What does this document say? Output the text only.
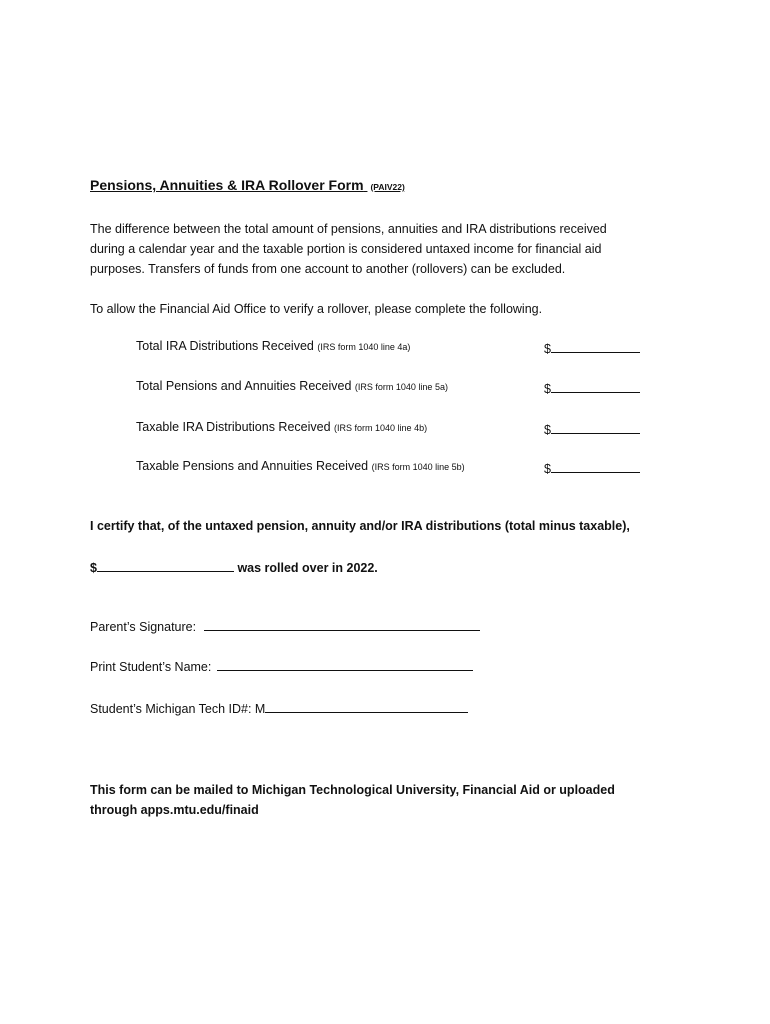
Pensions, Annuities & IRA Rollover Form (PAIV22)
The difference between the total amount of pensions, annuities and IRA distributions received
during a calendar year and the taxable portion is considered untaxed income for financial aid
purposes. Transfers of funds from one account to another (rollovers) can be excluded.
To allow the Financial Aid Office to verify a rollover, please complete the following.
Total IRA Distributions Received (IRS form 1040 line 4a)	$
Total Pensions and Annuities Received (IRS form 1040 line 5a)	$
Taxable IRA Distributions Received (IRS form 1040 line 4b)	$
Taxable Pensions and Annuities Received (IRS form 1040 line 5b)	$
I certify that, of the untaxed pension, annuity and/or IRA distributions (total minus taxable),
$	was rolled over in 2022.
Parent’s Signature:
Print Student’s Name:
Student’s Michigan Tech ID#: M
This form can be mailed to Michigan Technological University, Financial Aid or uploaded
through apps.mtu.edu/finaid
